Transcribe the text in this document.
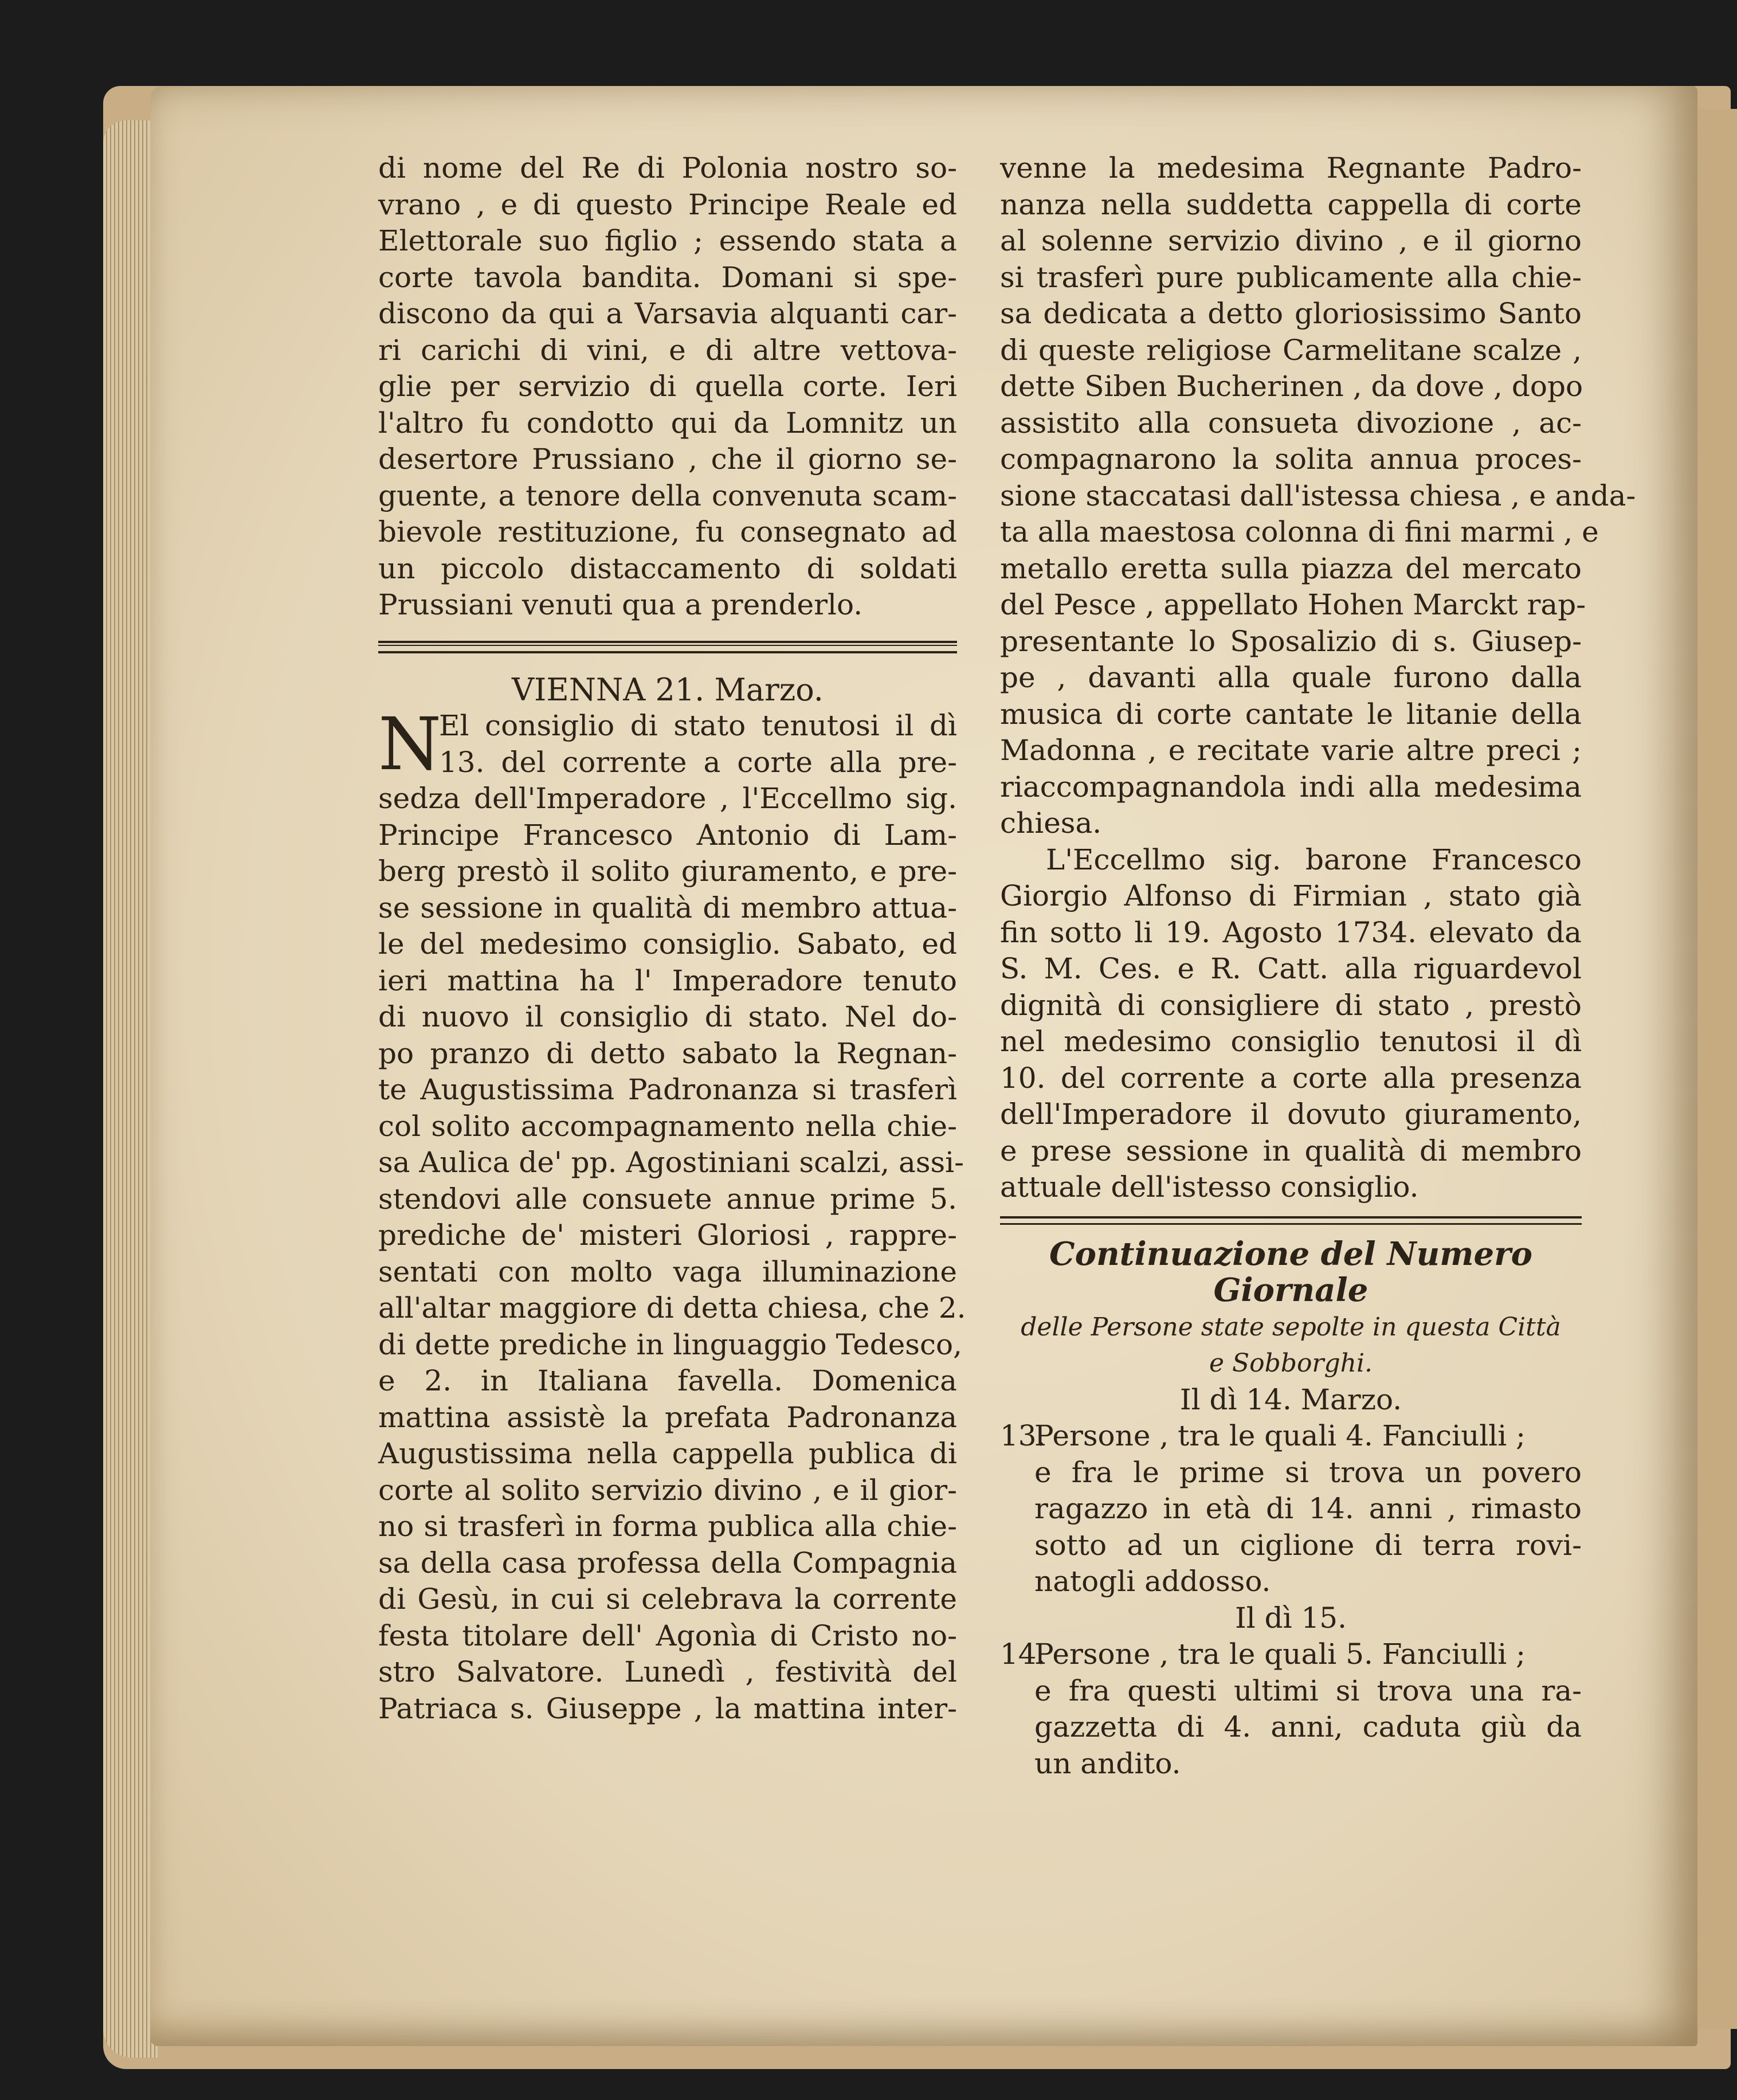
di nome del Re di Polonia nostro so-
vrano , e di questo Principe Reale ed
Elettorale suo figlio ; essendo stata a
corte tavola bandita. Domani si spe-
discono da qui a Varsavia alquanti car-
ri carichi di vini, e di altre vettova-
glie per servizio di quella corte. Ieri
l'altro fu condotto qui da Lomnitz un
desertore Prussiano , che il giorno se-
guente, a tenore della convenuta scam-
bievole restituzione, fu consegnato ad
un piccolo distaccamento di soldati
Prussiani venuti qua a prenderlo.
VIENNA 21. Marzo.
N
El consiglio di stato tenutosi il dì
13. del corrente a corte alla pre-
sedza dell'Imperadore , l'Eccellmo sig.
Principe Francesco Antonio di Lam-
berg prestò il solito giuramento, e pre-
se sessione in qualità di membro attua-
le del medesimo consiglio. Sabato, ed
ieri mattina ha l' Imperadore tenuto
di nuovo il consiglio di stato. Nel do-
po pranzo di detto sabato la Regnan-
te Augustissima Padronanza si trasferì
col solito accompagnamento nella chie-
sa Aulica de' pp. Agostiniani scalzi, assi-
stendovi alle consuete annue prime 5.
prediche de' misteri Gloriosi , rappre-
sentati con molto vaga illuminazione
all'altar maggiore di detta chiesa, che 2.
di dette prediche in linguaggio Tedesco,
e 2. in Italiana favella. Domenica
mattina assistè la prefata Padronanza
Augustissima nella cappella publica di
corte al solito servizio divino , e il gior-
no si trasferì in forma publica alla chie-
sa della casa professa della Compagnia
di Gesù, in cui si celebrava la corrente
festa titolare dell' Agonìa di Cristo no-
stro Salvatore. Lunedì , festività del
Patriaca s. Giuseppe , la mattina inter-
venne la medesima Regnante Padro-
nanza nella suddetta cappella di corte
al solenne servizio divino , e il giorno
si trasferì pure publicamente alla chie-
sa dedicata a detto gloriosissimo Santo
di queste religiose Carmelitane scalze ,
dette Siben Bucherinen , da dove , dopo
assistito alla consueta divozione , ac-
compagnarono la solita annua proces-
sione staccatasi dall'istessa chiesa , e anda-
ta alla maestosa colonna di fini marmi , e
metallo eretta sulla piazza del mercato
del Pesce , appellato Hohen Marckt rap-
presentante lo Sposalizio di s. Giusep-
pe , davanti alla quale furono dalla
musica di corte cantate le litanie della
Madonna , e recitate varie altre preci ;
riaccompagnandola indi alla medesima
chiesa.
L'Eccellmo sig. barone Francesco
Giorgio Alfonso di Firmian , stato già
fin sotto li 19. Agosto 1734. elevato da
S. M. Ces. e R. Catt. alla riguardevol
dignità di consigliere di stato , prestò
nel medesimo consiglio tenutosi il dì
10. del corrente a corte alla presenza
dell'Imperadore il dovuto giuramento,
e prese sessione in qualità di membro
attuale dell'istesso consiglio.
Continuazione del Numero Giornale
delle Persone state sepolte in questa Città
e Sobborghi.
Il dì 14. Marzo.
13.Persone , tra le quali 4. Fanciulli ;
e fra le prime si trova un povero
ragazzo in età di 14. anni , rimasto
sotto ad un ciglione di terra rovi-
natogli addosso.
Il dì 15.
14.Persone , tra le quali 5. Fanciulli ;
e fra questi ultimi si trova una ra-
gazzetta di 4. anni, caduta giù da
un andito.
